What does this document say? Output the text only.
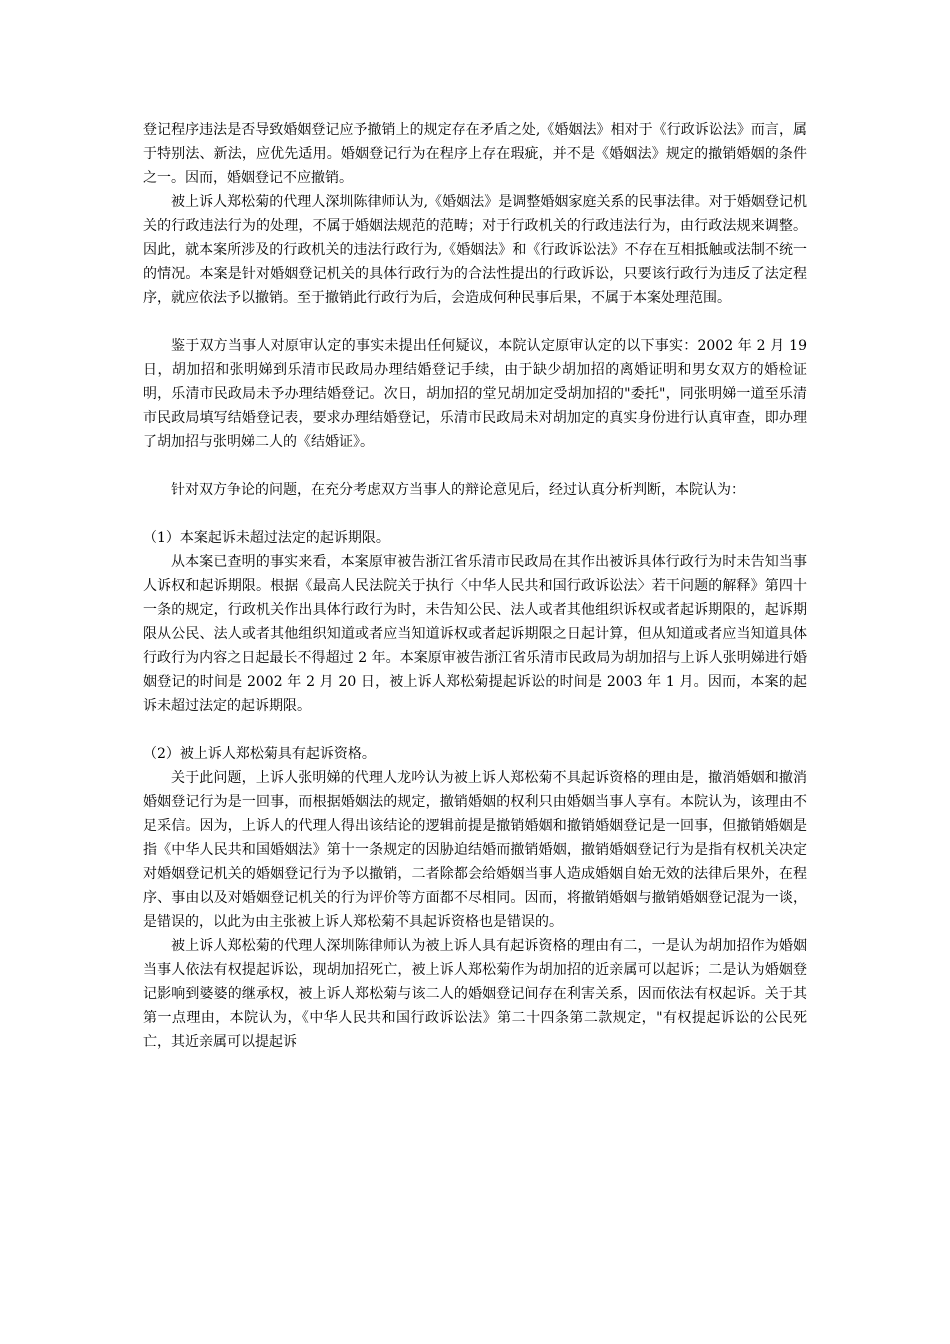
登记程序违法是否导致婚姻登记应予撤销上的规定存在矛盾之处,《婚姻法》相对于《行政诉讼法》而言，属于特别法、新法，应优先适用。婚姻登记行为在程序上存在瑕疵，并不是《婚姻法》规定的撤销婚姻的条件之一。因而，婚姻登记不应撤销。

被上诉人郑松菊的代理人深圳陈律师认为,《婚姻法》是调整婚姻家庭关系的民事法律。对于婚姻登记机关的行政违法行为的处理，不属于婚姻法规范的范畴；对于行政机关的行政违法行为，由行政法规来调整。因此，就本案所涉及的行政机关的违法行政行为,《婚姻法》和《行政诉讼法》不存在互相抵触或法制不统一的情况。本案是针对婚姻登记机关的具体行政行为的合法性提出的行政诉讼，只要该行政行为违反了法定程序，就应依法予以撤销。至于撤销此行政行为后，会造成何种民事后果，不属于本案处理范围。

鉴于双方当事人对原审认定的事实未提出任何疑议，本院认定原审认定的以下事实：2002 年 2 月 19 日，胡加招和张明娣到乐清市民政局办理结婚登记手续，由于缺少胡加招的离婚证明和男女双方的婚检证明，乐清市民政局未予办理结婚登记。次日，胡加招的堂兄胡加定受胡加招的"委托"，同张明娣一道至乐清市民政局填写结婚登记表，要求办理结婚登记，乐清市民政局未对胡加定的真实身份进行认真审查，即办理了胡加招与张明娣二人的《结婚证》。

针对双方争论的问题，在充分考虑双方当事人的辩论意见后，经过认真分析判断，本院认为：

（1）本案起诉未超过法定的起诉期限。

从本案已查明的事实来看，本案原审被告浙江省乐清市民政局在其作出被诉具体行政行为时未告知当事人诉权和起诉期限。根据《最高人民法院关于执行〈中华人民共和国行政诉讼法〉若干问题的解释》第四十一条的规定，行政机关作出具体行政行为时，未告知公民、法人或者其他组织诉权或者起诉期限的，起诉期限从公民、法人或者其他组织知道或者应当知道诉权或者起诉期限之日起计算，但从知道或者应当知道具体行政行为内容之日起最长不得超过 2 年。本案原审被告浙江省乐清市民政局为胡加招与上诉人张明娣进行婚姻登记的时间是 2002 年 2 月 20 日，被上诉人郑松菊提起诉讼的时间是 2003 年 1 月。因而，本案的起诉未超过法定的起诉期限。

（2）被上诉人郑松菊具有起诉资格。

关于此问题，上诉人张明娣的代理人龙吟认为被上诉人郑松菊不具起诉资格的理由是，撤消婚姻和撤消婚姻登记行为是一回事，而根据婚姻法的规定，撤销婚姻的权利只由婚姻当事人享有。本院认为，该理由不足采信。因为，上诉人的代理人得出该结论的逻辑前提是撤销婚姻和撤销婚姻登记是一回事，但撤销婚姻是指《中华人民共和国婚姻法》第十一条规定的因胁迫结婚而撤销婚姻，撤销婚姻登记行为是指有权机关决定对婚姻登记机关的婚姻登记行为予以撤销，二者除都会给婚姻当事人造成婚姻自始无效的法律后果外，在程序、事由以及对婚姻登记机关的行为评价等方面都不尽相同。因而，将撤销婚姻与撤销婚姻登记混为一谈，是错误的，以此为由主张被上诉人郑松菊不具起诉资格也是错误的。

被上诉人郑松菊的代理人深圳陈律师认为被上诉人具有起诉资格的理由有二，一是认为胡加招作为婚姻当事人依法有权提起诉讼，现胡加招死亡，被上诉人郑松菊作为胡加招的近亲属可以起诉；二是认为婚姻登记影响到婆婆的继承权，被上诉人郑松菊与该二人的婚姻登记间存在利害关系，因而依法有权起诉。关于其第一点理由，本院认为，《中华人民共和国行政诉讼法》第二十四条第二款规定，"有权提起诉讼的公民死亡，其近亲属可以提起诉
